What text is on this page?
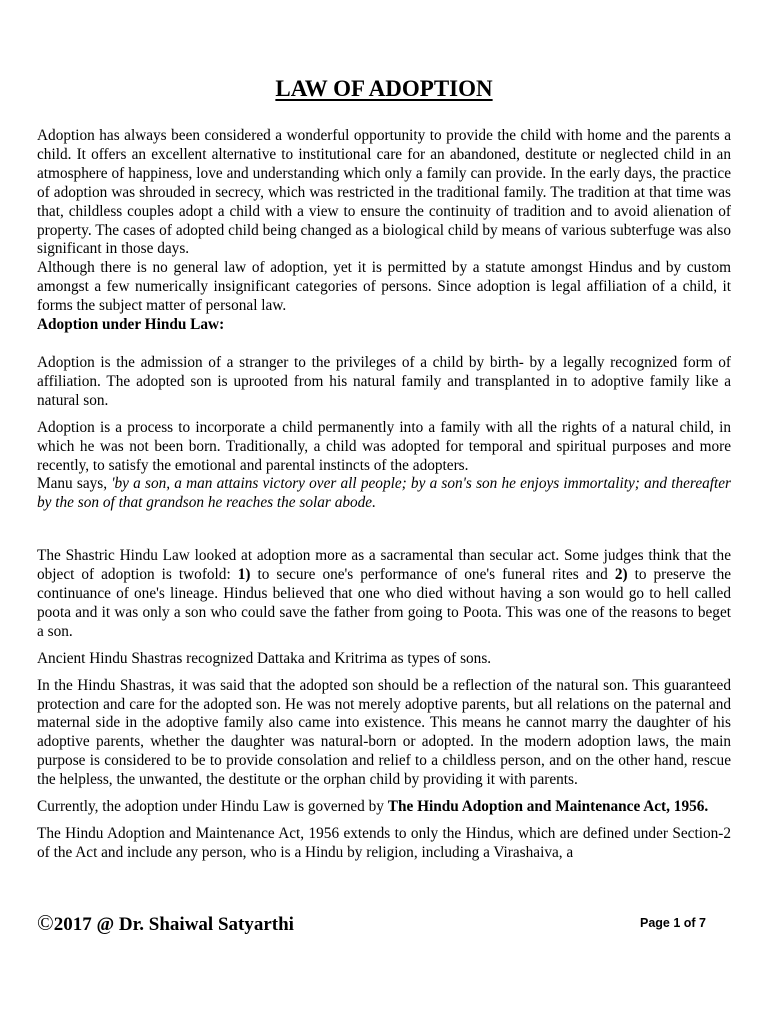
LAW OF ADOPTION

Adoption has always been considered a wonderful opportunity to provide the child with home and the parents a child. It offers an excellent alternative to institutional care for an abandoned, destitute or neglected child in an atmosphere of happiness, love and understanding which only a family can provide. In the early days, the practice of adoption was shrouded in secrecy, which was restricted in the traditional family. The tradition at that time was that, childless couples adopt a child with a view to ensure the continuity of tradition and to avoid alienation of property. The cases of adopted child being changed as a biological child by means of various subterfuge was also significant in those days.

Although there is no general law of adoption, yet it is permitted by a statute amongst Hindus and by custom amongst a few numerically insignificant categories of persons. Since adoption is legal affiliation of a child, it forms the subject matter of personal law.

Adoption under Hindu Law:

Adoption is the admission of a stranger to the privileges of a child by birth- by a legally recognized form of affiliation. The adopted son is uprooted from his natural family and transplanted in to adoptive family like a natural son.

Adoption is a process to incorporate a child permanently into a family with all the rights of a natural child, in which he was not been born. Traditionally, a child was adopted for temporal and spiritual purposes and more recently, to satisfy the emotional and parental instincts of the adopters.

Manu says, 'by a son, a man attains victory over all people; by a son's son he enjoys immortality; and thereafter by the son of that grandson he reaches the solar abode.

The Shastric Hindu Law looked at adoption more as a sacramental than secular act. Some judges think that the object of adoption is twofold: 1) to secure one's performance of one's funeral rites and 2) to preserve the continuance of one's lineage. Hindus believed that one who died without having a son would go to hell called poota and it was only a son who could save the father from going to Poota. This was one of the reasons to beget a son.

Ancient Hindu Shastras recognized Dattaka and Kritrima as types of sons.

In the Hindu Shastras, it was said that the adopted son should be a reflection of the natural son. This guaranteed protection and care for the adopted son. He was not merely adoptive parents, but all relations on the paternal and maternal side in the adoptive family also came into existence. This means he cannot marry the daughter of his adoptive parents, whether the daughter was natural-born or adopted. In the modern adoption laws, the main purpose is considered to be to provide consolation and relief to a childless person, and on the other hand, rescue the helpless, the unwanted, the destitute or the orphan child by providing it with parents.

Currently, the adoption under Hindu Law is governed by The Hindu Adoption and Maintenance Act, 1956.

The Hindu Adoption and Maintenance Act, 1956 extends to only the Hindus, which are defined under Section-2 of the Act and include any person, who is a Hindu by religion, including a Virashaiva, a

©2017 @ Dr. Shaiwal Satyarthi	Page 1 of 7
